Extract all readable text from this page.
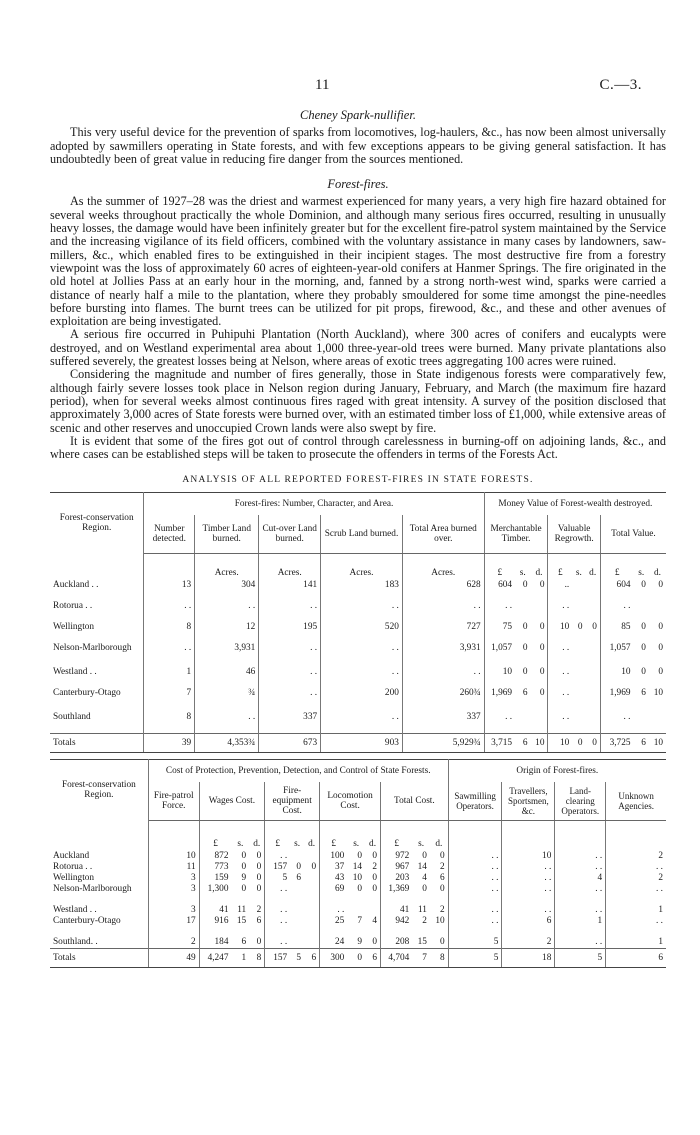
11	C.—3.
Cheney Spark-nullifier.

This very useful device for the prevention of sparks from locomotives, log-haulers, &c., has now been almost universally adopted by sawmillers operating in State forests, and with few exceptions appears to be giving general satisfaction. It has undoubtedly been of great value in reducing fire danger from the sources mentioned.

Forest-fires.

As the summer of 1927–28 was the driest and warmest experienced for many years, a very high fire hazard obtained for several weeks throughout practically the whole Dominion, and although many serious fires occurred, resulting in unusually heavy losses, the damage would have been infinitely greater but for the excellent fire-patrol system maintained by the Service and the increasing vigilance of its field officers, combined with the voluntary assistance in many cases by landowners, saw-millers, &c., which enabled fires to be extinguished in their incipient stages. The most destructive fire from a forestry viewpoint was the loss of approximately 60 acres of eighteen-year-old conifers at Hanmer Springs. The fire originated in the old hotel at Jollies Pass at an early hour in the morning, and, fanned by a strong north-west wind, sparks were carried a distance of nearly half a mile to the plantation, where they probably smouldered for some time amongst the pine-needles before bursting into flames. The burnt trees can be utilized for pit props, firewood, &c., and these and other avenues of exploitation are being investigated.

A serious fire occurred in Puhipuhi Plantation (North Auckland), where 300 acres of conifers and eucalypts were destroyed, and on Westland experimental area about 1,000 three-year-old trees were burned. Many private plantations also suffered severely, the greatest losses being at Nelson, where areas of exotic trees aggregating 100 acres were ruined.

Considering the magnitude and number of fires generally, those in State indigenous forests were comparatively few, although fairly severe losses took place in Nelson region during January, February, and March (the maximum fire hazard period), when for several weeks almost continuous fires raged with great intensity. A survey of the position disclosed that approximately 3,000 acres of State forests were burned over, with an estimated timber loss of £1,000, while extensive areas of scenic and other reserves and unoccupied Crown lands were also swept by fire.

It is evident that some of the fires got out of control through carelessness in burning-off on adjoining lands, &c., and where cases can be established steps will be taken to prosecute the offenders in terms of the Forests Act.

ANALYSIS OF ALL REPORTED FOREST-FIRES IN STATE FORESTS.
Forest-conservation Region.	Forest-fires: Number, Character, and Area.					Money Value of Forest-wealth destroyed.								
	Number detected.	Timber Land burned.	Cut-over Land burned.	Scrub Land burned.	Total Area burned over.	Merchantable Timber.			Valuable Regrowth.			Total Value.		
		Acres.	Acres.	Acres.	Acres.	£	s.	d.	£	s.	d.	£	s.	d.
Auckland . .	13	304	141	183	628	604	0	0	..			604	0	0
Rotorua . .	. .	. .	. .	. .	. .	. .			. .			. .		
Wellington	8	12	195	520	727	75	0	0	10	0	0	85	0	0
Nelson-Marlborough	. .	3,931	. .	. .	3,931	1,057	0	0	. .			1,057	0	0
Westland . .	1	46	. .	. .	. .	10	0	0	. .			10	0	0
Canterbury-Otago	7	¾	. .	200	260¾	1,969	6	0	. .			1,969	6	10
Southland	8	. .	337	. .	337	. .			. .			. .		
Totals	39	4,353¾	673	903	5,929¾	3,715	6	10	10	0	0	3,725	6	10
Forest-conservation Region.	Cost of Protection, Prevention, Detection, and Control of State Forests.													Origin of Forest-fires.			
	Fire-patrol Force.	Wages Cost.			Fire-equipment Cost.			Locomotion Cost.			Total Cost.			Sawmilling Operators.	Travellers, Sportsmen, &c.	Land-clearing Operators.	Unknown Agencies.
		£	s.	d.	£	s.	d.	£	s.	d.	£	s.	d.				
Auckland	10	872	0	0	. .			100	0	0	972	0	0	. .	10	. .	2
Rotorua . .	11	773	0	0	157	0	0	37	14	2	967	14	2	. .	. .	. .	. .
Wellington	3	159	9	0	5	6		43	10	0	203	4	6	. .	. .	4	2
Nelson-Marlborough	3	1,300	0	0	. .			69	0	0	1,369	0	0	. .	. .	. .	. .
Westland . .	3	41	11	2	. .			. .			41	11	2	. .	. .	. .	1
Canterbury-Otago	17	916	15	6	. .			25	7	4	942	2	10	. .	6	1	. .
Southland. .	2	184	6	0	. .			24	9	0	208	15	0	5	2	. .	1
Totals	49	4,247	1	8	157	5	6	300	0	6	4,704	7	8	5	18	5	6
